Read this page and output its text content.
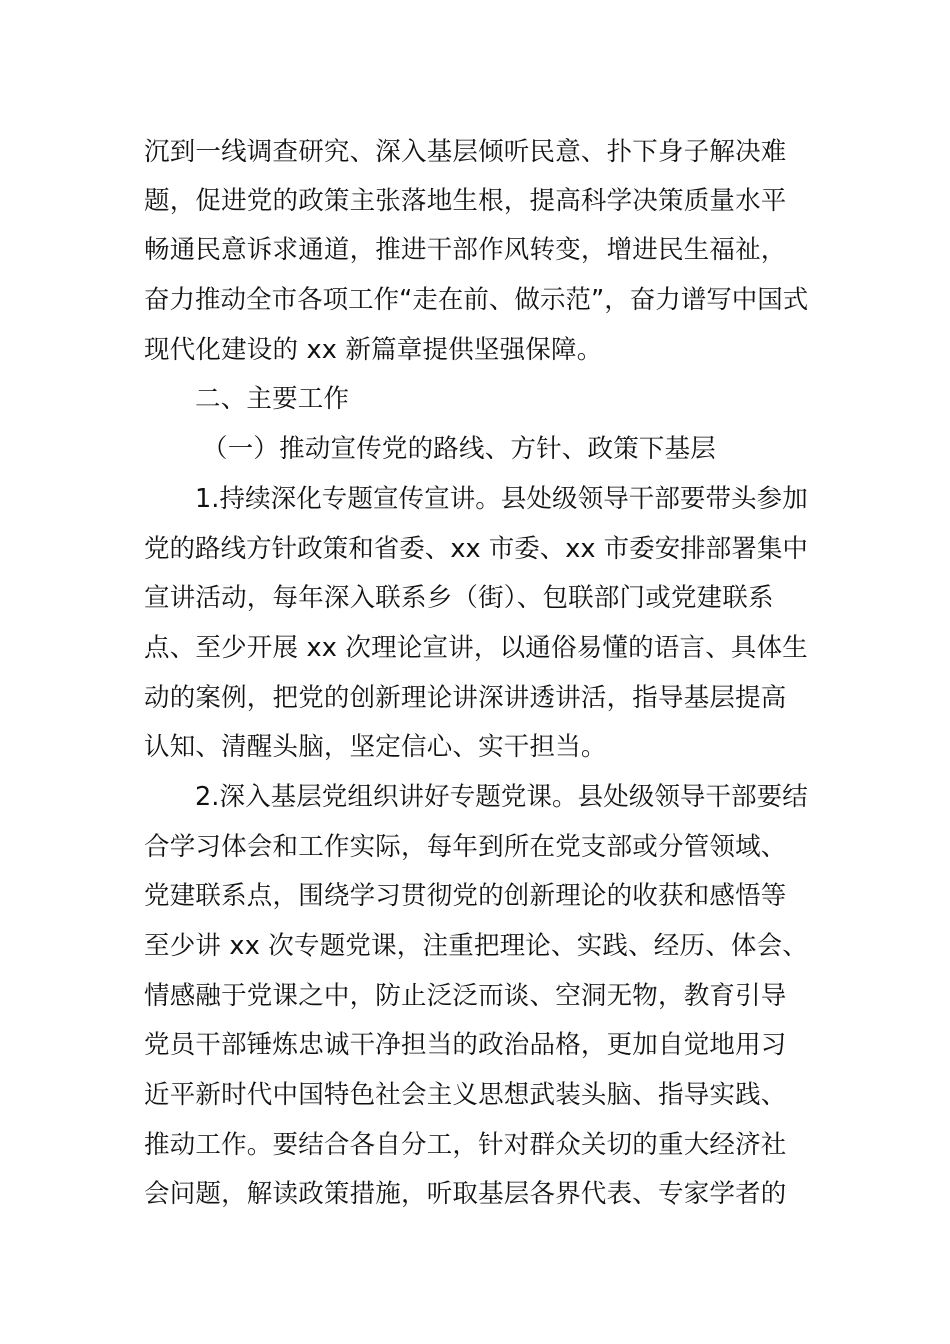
沉到一线调查研究、深入基层倾听民意、扑下身子解决难
题，促进党的政策主张落地生根，提高科学决策质量水平
畅通民意诉求通道，推进干部作风转变，增进民生福祉，
奋力推动全市各项工作“走在前、做示范”，奋力谱写中国式
现代化建设的 xx 新篇章提供坚强保障。
二、主要工作
（一）推动宣传党的路线、方针、政策下基层
1.持续深化专题宣传宣讲。县处级领导干部要带头参加
党的路线方针政策和省委、xx 市委、xx 市委安排部署集中
宣讲活动，每年深入联系乡（街）、包联部门或党建联系
点、至少开展 xx 次理论宣讲，以通俗易懂的语言、具体生
动的案例，把党的创新理论讲深讲透讲活，指导基层提高
认知、清醒头脑，坚定信心、实干担当。
2.深入基层党组织讲好专题党课。县处级领导干部要结
合学习体会和工作实际，每年到所在党支部或分管领域、
党建联系点，围绕学习贯彻党的创新理论的收获和感悟等
至少讲 xx 次专题党课，注重把理论、实践、经历、体会、
情感融于党课之中，防止泛泛而谈、空洞无物，教育引导
党员干部锤炼忠诚干净担当的政治品格，更加自觉地用习
近平新时代中国特色社会主义思想武装头脑、指导实践、
推动工作。要结合各自分工，针对群众关切的重大经济社
会问题，解读政策措施，听取基层各界代表、专家学者的
